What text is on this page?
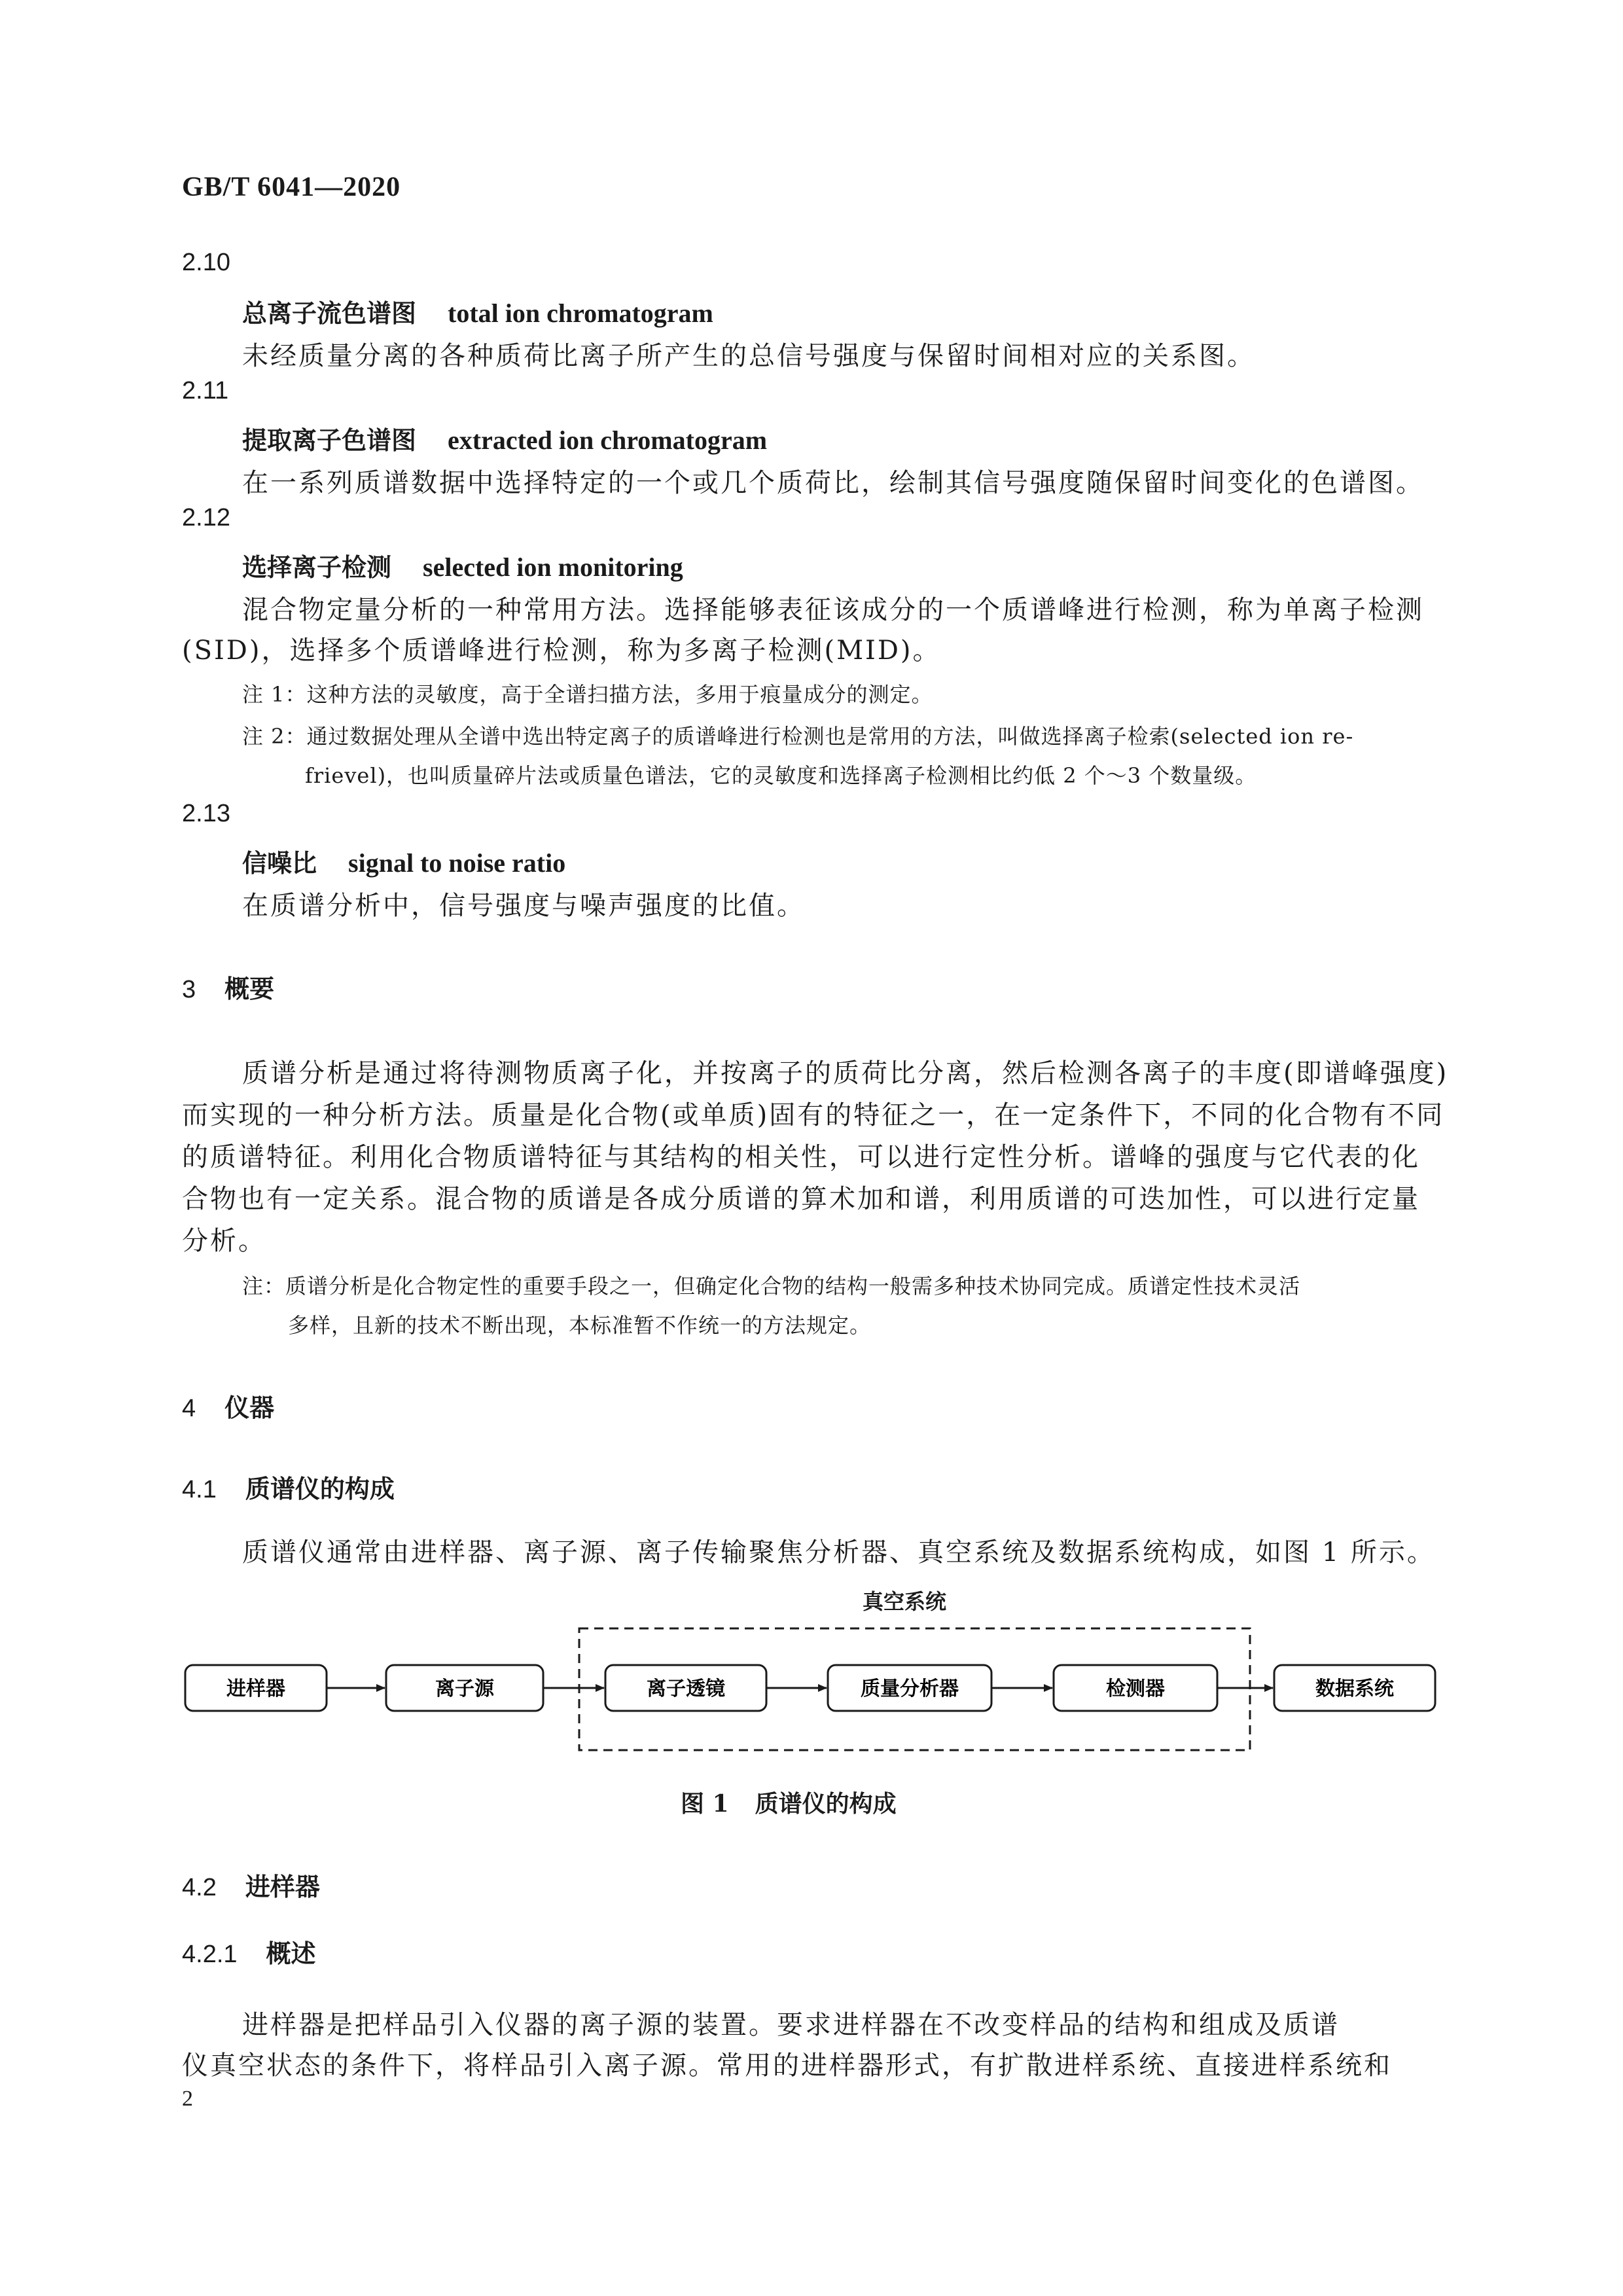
GB/T 6041—2020
2.10
总离子流色谱图 total ion chromatogram
未经质量分离的各种质荷比离子所产生的总信号强度与保留时间相对应的关系图。
2.11
提取离子色谱图 extracted ion chromatogram
在一系列质谱数据中选择特定的一个或几个质荷比，绘制其信号强度随保留时间变化的色谱图。
2.12
选择离子检测 selected ion monitoring
混合物定量分析的一种常用方法。选择能够表征该成分的一个质谱峰进行检测，称为单离子检测
(SID)，选择多个质谱峰进行检测，称为多离子检测(MID)。
注 1：这种方法的灵敏度，高于全谱扫描方法，多用于痕量成分的测定。
注 2：通过数据处理从全谱中选出特定离子的质谱峰进行检测也是常用的方法，叫做选择离子检索(selected ion re-
frievel)，也叫质量碎片法或质量色谱法，它的灵敏度和选择离子检测相比约低 2 个～3 个数量级。
2.13
信噪比 signal to noise ratio
在质谱分析中，信号强度与噪声强度的比值。
3 概要
质谱分析是通过将待测物质离子化，并按离子的质荷比分离，然后检测各离子的丰度(即谱峰强度)
而实现的一种分析方法。质量是化合物(或单质)固有的特征之一，在一定条件下，不同的化合物有不同
的质谱特征。利用化合物质谱特征与其结构的相关性，可以进行定性分析。谱峰的强度与它代表的化
合物也有一定关系。混合物的质谱是各成分质谱的算术加和谱，利用质谱的可迭加性，可以进行定量
分析。
注：质谱分析是化合物定性的重要手段之一，但确定化合物的结构一般需多种技术协同完成。质谱定性技术灵活
多样，且新的技术不断出现，本标准暂不作统一的方法规定。
4 仪器
4.1 质谱仪的构成
质谱仪通常由进样器、离子源、离子传输聚焦分析器、真空系统及数据系统构成，如图 1 所示。
真空系统
进样器	离子源	离子透镜	质量分析器	检测器	数据系统
图 1 质谱仪的构成
4.2 进样器
4.2.1 概述
进样器是把样品引入仪器的离子源的装置。要求进样器在不改变样品的结构和组成及质谱
仪真空状态的条件下，将样品引入离子源。常用的进样器形式，有扩散进样系统、直接进样系统和
2
